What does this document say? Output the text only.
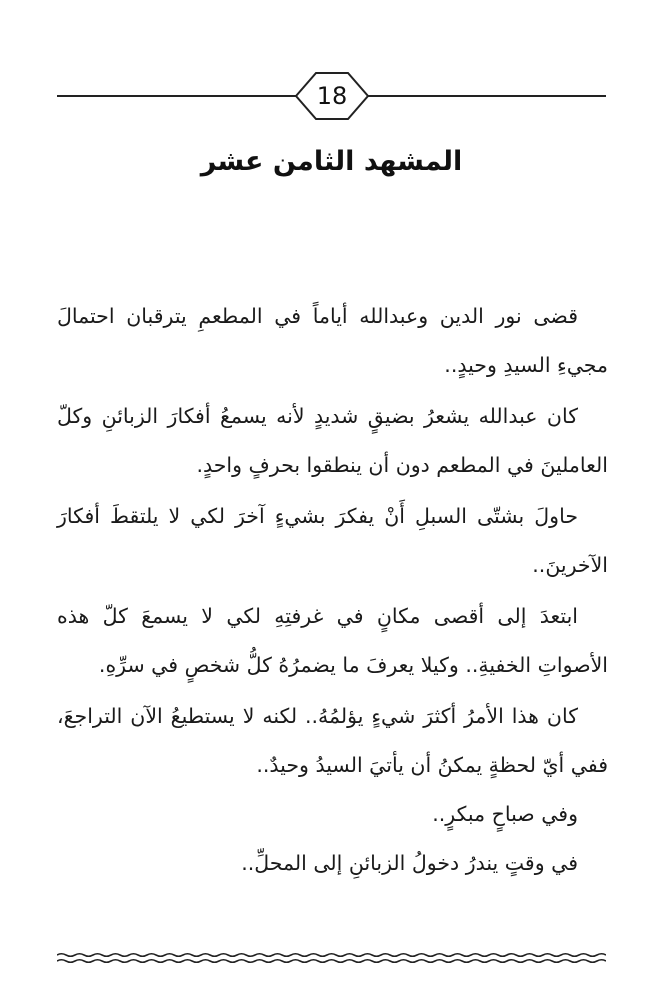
18
المشهد الثامن عشر

قضى نور الدين وعبدالله أياماً في المطعمِ يترقبان احتمالَ مجيءِ السيدِ وحيدٍ..

كان عبدالله يشعرُ بضيقٍ شديدٍ لأنه يسمعُ أفكارَ الزبائنِ وكلّ العاملينَ في المطعم دون أن ينطقوا بحرفٍ واحدٍ.

حاولَ بشتّى السبلِ أَنْ يفكرَ بشيءٍ آخرَ لكي لا يلتقطَ أفكارَ الآخرينَ..

ابتعدَ إلى أقصى مكانٍ في غرفتِهِ لكي لا يسمعَ كلّ هذه الأصواتِ الخفيةِ.. وكيلا يعرفَ ما يضمرُهُ كلُّ شخصٍ في سرِّهِ.

كان هذا الأمرُ أكثرَ شيءٍ يؤلمُهُ.. لكنه لا يستطيعُ الآن التراجعَ، ففي أيّ لحظةٍ يمكنُ أن يأتيَ السيدُ وحيدٌ..

وفي صباحٍ مبكرٍ..

في وقتٍ يندرُ دخولُ الزبائنِ إلى المحلِّ..
